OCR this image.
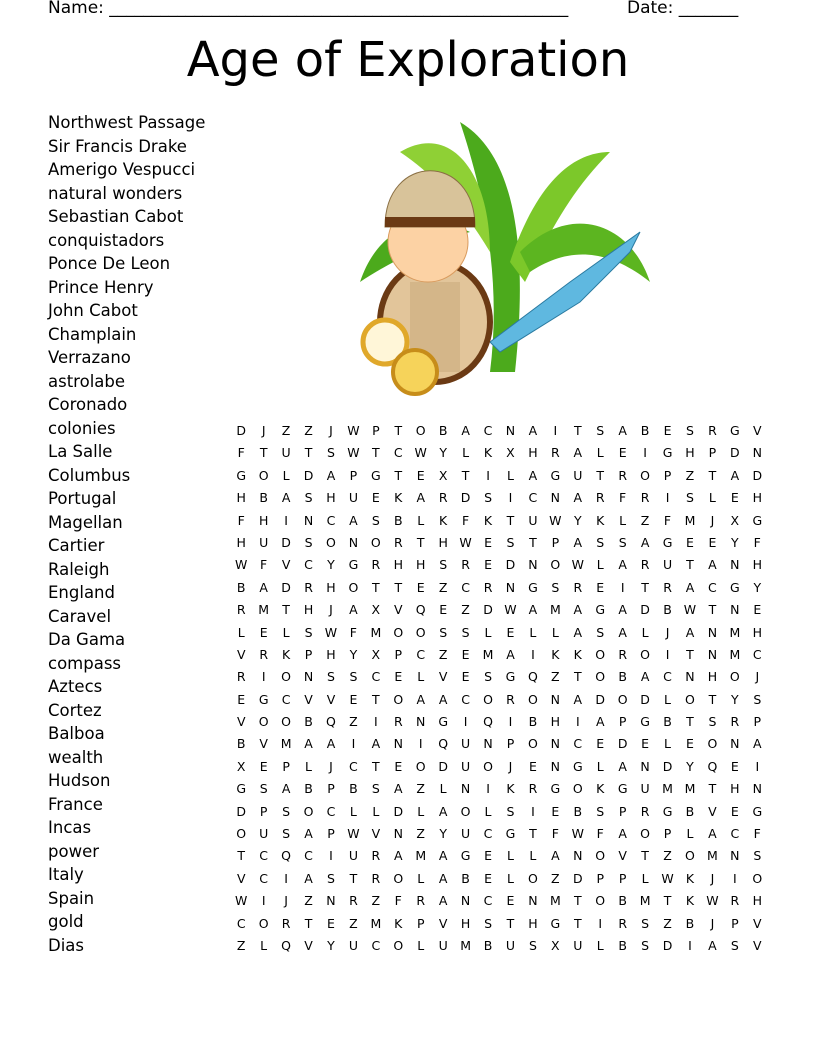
Name: ______________________________________________________	Date: _______
Age of Exploration
Northwest Passage
Sir Francis Drake
Amerigo Vespucci
natural wonders
Sebastian Cabot
conquistadors
Ponce De Leon
Prince Henry
John Cabot
Champlain
Verrazano
astrolabe
Coronado
colonies
La Salle
Columbus
Portugal
Magellan
Cartier
Raleigh
England
Caravel
Da Gama
compass
Aztecs
Cortez
Balboa
wealth
Hudson
France
Incas
power
Italy
Spain
gold
Dias
D	J	Z	Z	J	W P	T	O	B	A	C	N	A	I	T	S	A	B	E	S	R	G	V
F	T	U	T	S W T	C W Y	L	K	X	H	R	A	L	E	I	G	H	P	D	N
G	O	L	D	A	P	G	T	E	X	T	I	L	A	G	U	T	R	O	P	Z	T	A	D
H	B	A	S	H	U	E	K	A	R	D	S	I	C	N	A	R	F	R	I	S	L	E	H
F	H	I	N	C	A	S	B	L	K	F	K	T	U W Y	K	L	Z	F	M	J	X	G
H	U	D	S	O	N	O	R	T	H W E	S	T	P	A	S	S	A	G	E	E	Y	F
W	F	V	C	Y	G	R	H	H	S	R	E	D	N	O W	L	A	R	U	T	A	N	H
B	A	D	R	H	O	T	T	E	Z	C	R	N	G	S	R	E	I	T	R	A	C	G	Y
R	M	T	H	J	A	X	V	Q	E	Z	D W A	M	A	G	A	D	B W T	N	E
L	E	L	S W	F	M O	O	S	S	L	E	L	L	A	S	A	L	J	A	N M H
V	R	K	P	H	Y	X	P	C	Z	E	M	A	I	K	K	O	R	O	I	T	N M	C
R	I	O	N	S	S	C	E	L	V	E	S	G	Q	Z	T	O	B	A	C	N	H	O	J
E	G	C	V	V	E	T	O	A	A	C	O	R	O	N	A	D	O	D	L	O	T	Y	S
V	O	O	B	Q	Z	I	R	N	G	I	Q	I	B	H	I	A	P	G	B	T	S	R	P
B	V	M	A	A	I	A	N	I	Q	U	N	P	O	N	C	E	D	E	L	E	O	N	A
X	E	P	L	J	C	T	E	O	D	U	O	J	E	N	G	L	A	N	D	Y	Q	E	I
G	S	A	B	P	B	S	A	Z	L	N	I	K	R	G	O	K	G	U M M	T	H	N
D	P	S	O	C	L	L	D	L	A	O	L	S	I	E	B	S	P	R	G	B	V	E	G
O	U	S	A	P W V	N	Z	Y	U	C	G	T	F	W	F	A	O	P	L	A	C	F
T	C	Q	C	I	U	R	A	M	A	G	E	L	L	A	N	O	V	T	Z	O M N	S
V	C	I	A	S	T	R	O	L	A	B	E	L	O	Z	D	P	P	L	W K	J	I	O
W	I	J	Z	N	R	Z	F	R	A	N	C	E	N M	T	O	B	M	T	K W R	H
C	O	R	T	E	Z	M	K	P	V	H	S	T	H	G	T	I	R	S	Z	B	J	P	V
Z	L	Q	V	Y	U	C	O	L	U M	B	U	S	X	U	L	B	S	D	I	A	S	V
